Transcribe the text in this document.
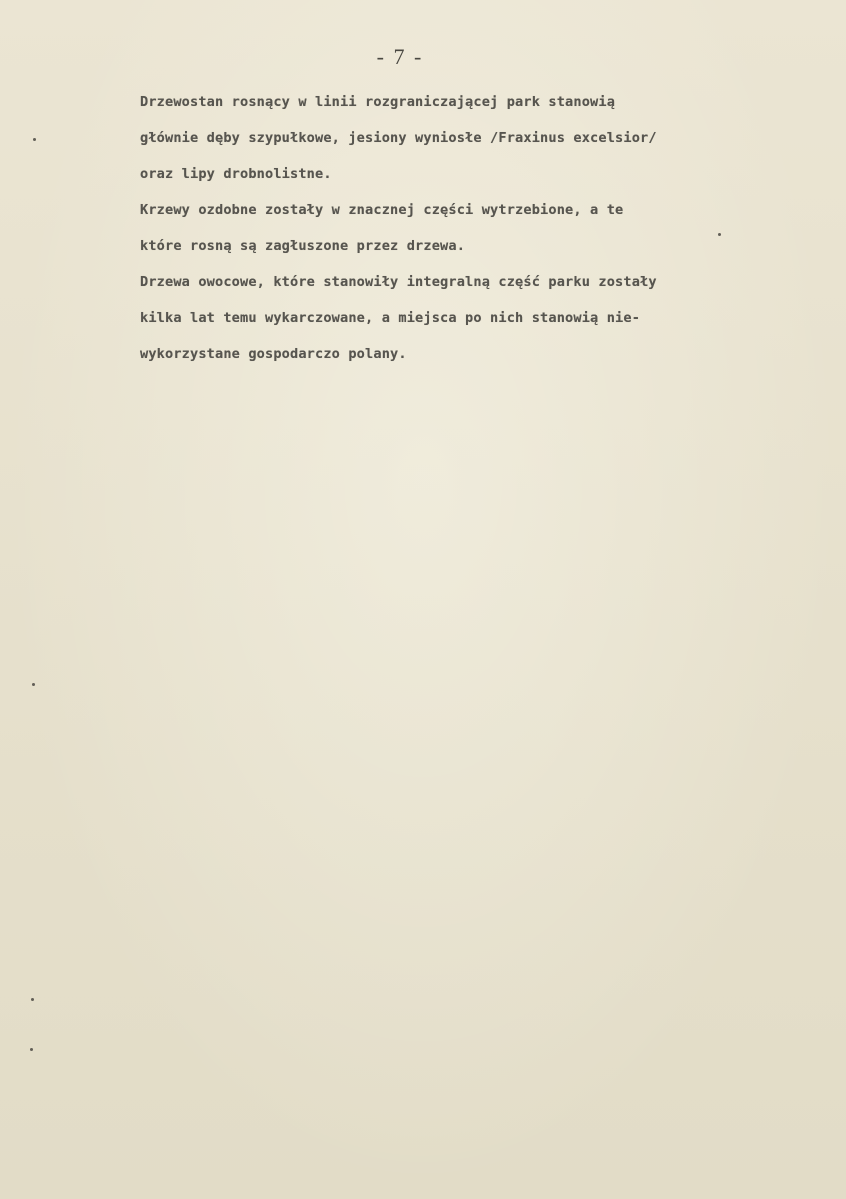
- 7 -
Drzewostan rosnący w linii rozgraniczającej park stanowią
głównie dęby szypułkowe, jesiony wyniosłe /Fraxinus excelsior/
oraz lipy drobnolistne.
Krzewy ozdobne zostały w znacznej części wytrzebione, a te
które rosną są zagłuszone przez drzewa.
Drzewa owocowe, które stanowiły integralną część parku zostały
kilka lat temu wykarczowane, a miejsca po nich stanowią nie-
wykorzystane gospodarczo polany.
